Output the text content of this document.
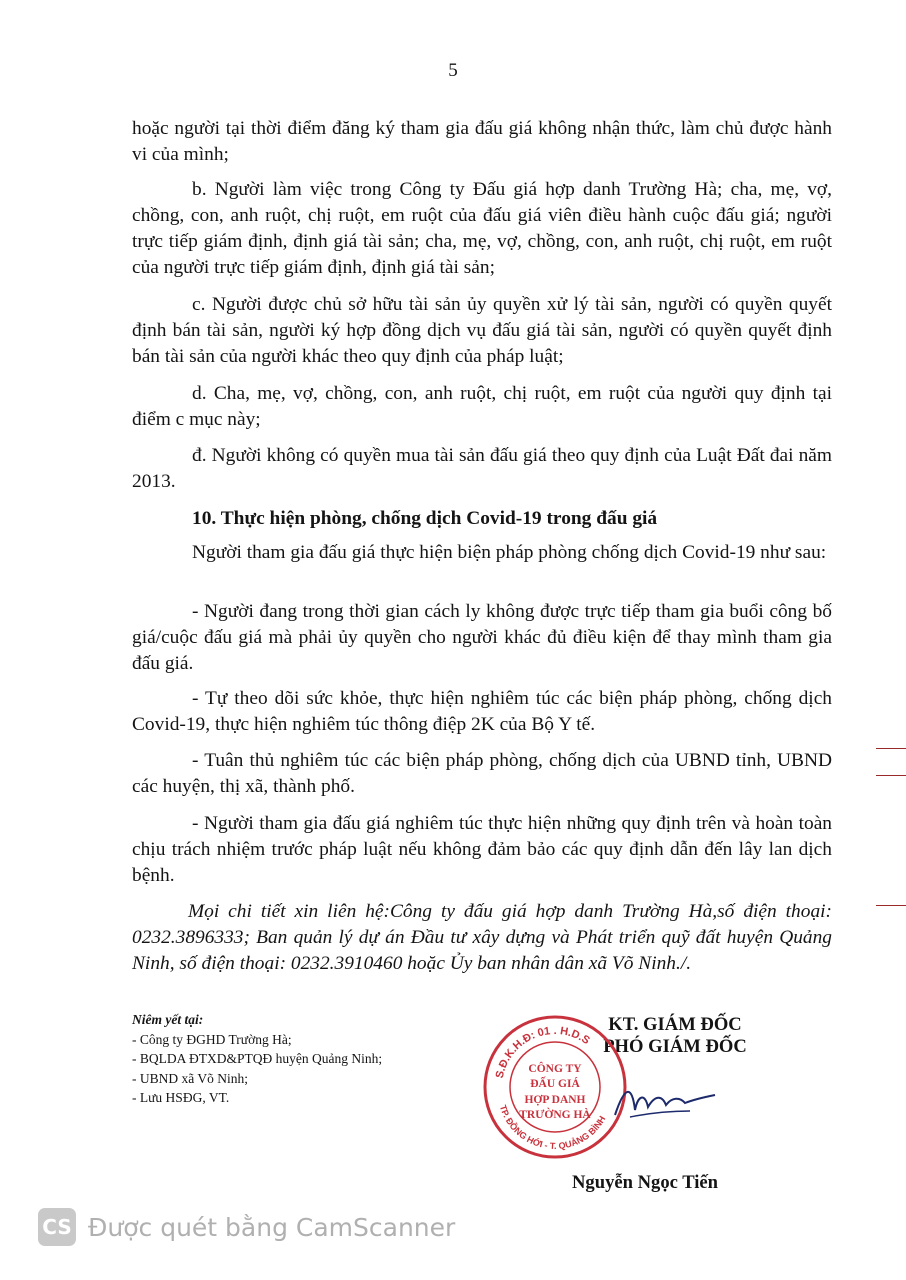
5
hoặc người tại thời điểm đăng ký tham gia đấu giá không nhận thức, làm chủ được hành vi của mình;
b. Người làm việc trong Công ty Đấu giá hợp danh Trường Hà; cha, mẹ, vợ, chồng, con, anh ruột, chị ruột, em ruột của đấu giá viên điều hành cuộc đấu giá; người trực tiếp giám định, định giá tài sản; cha, mẹ, vợ, chồng, con, anh ruột, chị ruột, em ruột của người trực tiếp giám định, định giá tài sản;
c. Người được chủ sở hữu tài sản ủy quyền xử lý tài sản, người có quyền quyết định bán tài sản, người ký hợp đồng dịch vụ đấu giá tài sản, người có quyền quyết định bán tài sản của người khác theo quy định của pháp luật;
d. Cha, mẹ, vợ, chồng, con, anh ruột, chị ruột, em ruột của người quy định tại điểm c mục này;
đ. Người không có quyền mua tài sản đấu giá theo quy định của Luật Đất đai năm 2013.
10. Thực hiện phòng, chống dịch Covid-19 trong đấu giá
Người tham gia đấu giá thực hiện biện pháp phòng chống dịch Covid-19 như sau:
- Người đang trong thời gian cách ly không được trực tiếp tham gia buổi công bố giá/cuộc đấu giá mà phải ủy quyền cho người khác đủ điều kiện để thay mình tham gia đấu giá.
- Tự theo dõi sức khỏe, thực hiện nghiêm túc các biện pháp phòng, chống dịch Covid-19, thực hiện nghiêm túc thông điệp 2K của Bộ Y tế.
- Tuân thủ nghiêm túc các biện pháp phòng, chống dịch của UBND tỉnh, UBND các huyện, thị xã, thành phố.
- Người tham gia đấu giá nghiêm túc thực hiện những quy định trên và hoàn toàn chịu trách nhiệm trước pháp luật nếu không đảm bảo các quy định dẫn đến lây lan dịch bệnh.
Mọi chi tiết xin liên hệ:Công ty đấu giá hợp danh Trường Hà,số điện thoại: 0232.3896333; Ban quản lý dự án Đầu tư xây dựng và Phát triển quỹ đất huyện Quảng Ninh, số điện thoại: 0232.3910460 hoặc Ủy ban nhân dân xã Võ Ninh./.
Niêm yết tại:
- Công ty ĐGHD Trường Hà;
- BQLDA ĐTXD&PTQĐ huyện Quảng Ninh;
- UBND xã Võ Ninh;
- Lưu HSĐG, VT.
KT. GIÁM ĐỐC
PHÓ GIÁM ĐỐC
S.Đ.K.H.Đ: 01 . H.D.S
TP. ĐỒNG HỚI - T. QUẢNG BÌNH
CÔNG TY
ĐẤU GIÁ
HỢP DANH
TRƯỜNG HÀ
Nguyễn Ngọc Tiến
CS Được quét bằng CamScanner
